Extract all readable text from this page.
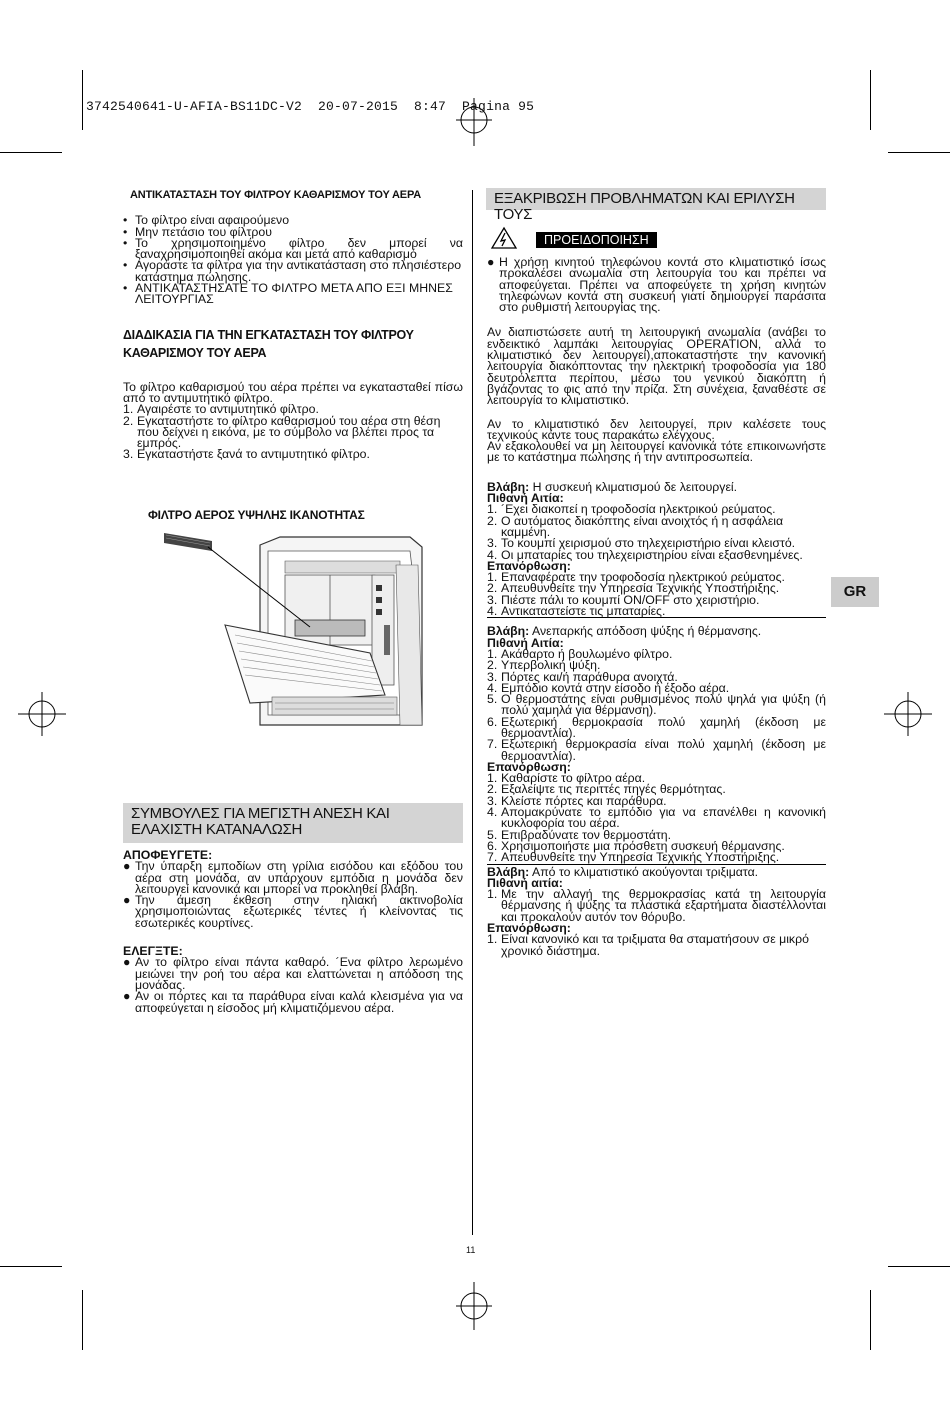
3742540641-U-AFIA-BS11DC-V2  20-07-2015  8:47  Pagina 95

ΑΝΤΙΚΑΤΑΣΤΑΣΗ ΤΟΥ ΦΙΛΤΡΟΥ ΚΑΘΑΡΙΣΜΟΥ ΤΟΥ ΑΕΡΑ

• Το φίλτρο είναι αφαιρούμενο
• Μην πετάσιο του φίλτρου
• Το χρησιμοποιημένο φίλτρο δεν μπορεί να ξαναχρησιμοποιηθεί ακόμα και μετά από καθαρισμό
• Αγοράστε τα φίλτρα για την αντικατάσταση στο πλησιέστερο κατάστημα πώλησης.
• ΑΝΤΙΚΑΤΑΣΤΗΣΑΤΕ ΤΟ ΦΙΛΤΡΟ ΜΕΤΑ ΑΠΟ ΕΞΙ ΜΗΝΕΣ ΛΕΙΤΟΥΡΓΙΑΣ

ΔΙΑΔΙΚΑΣΙΑ ΓΙΑ ΤΗΝ ΕΓΚΑΤΑΣΤΑΣΗ ΤΟΥ ΦΙΛΤΡΟΥ ΚΑΘΑΡΙΣΜΟΥ ΤΟΥ ΑΕΡΑ

Το φίλτρο καθαρισμού του αέρα πρέπει να εγκατασταθεί πίσω από το αντιμυτητικό φίλτρο.

1. Αγαιρέστε το αντιμυτητικό φίλτρο.
2. Εγκαταστήστε το φίλτρο καθαρισμού του αέρα στη θέση που δείχνει η εικόνα, με το σύμβολο να βλέπει προς τα εμπρός.
3. Εγκαταστήστε ξανά το αντιμυτητικό φίλτρο.

ΦΙΛΤΡΟ ΑΕΡΟΣ ΥΨΗΛΗΣ ΙΚΑΝΟΤΗΤΑΣ

ΣΥΜΒΟΥΛΕΣ ΓΙΑ ΜΕΓΙΣΤΗ ΑΝΕΣΗ ΚΑΙ ΕΛΑΧΙΣΤΗ ΚΑΤΑΝΑΛΩΣΗ

ΑΠΟΦΕΥΓΕΤΕ:

● Την ύπαρξη εμποδίων στη γρίλια εισόδου και εξόδου του αέρα στη μονάδα, αν υπάρχουν εμπόδια η μονάδα δεν λειτουργεί κανονικά και μπορεί να προκληθεί βλάβη.
● Την άμεση έκθεση στην ηλιακή ακτινοβολία χρησιμοποιώντας εξωτερικές τέντες ή κλείνοντας τις εσωτερικές κουρτίνες.

ΕΛΕΓΞΤΕ:

● Αν το φίλτρο είναι πάντα καθαρό. ´Ενα φίλτρο λερωμένο μειώνει την ροή του αέρα και ελαττώνεται η απόδοση της μονάδας.
● Αν οι πόρτες και τα παράθυρα είναι καλά κλεισμένα για να αποφεύγεται η είσοδος μή κλιματιζόμενου αέρα.
ΕΞΑΚΡΙΒΩΣΗ ΠΡΟΒΛΗΜΑΤΩΝ ΚΑΙ ΕΡΙΛΥΣΗ ΤΟΥΣ
ΠΡΟΕΙΔΟΠΟΙΗΣΗ
● Η χρήση κινητού τηλεφώνου κοντά στο κλιματιστικό ίσως προκαλέσει ανωμαλία στη λειτουργία του και πρέπει να αποφεύγεται. Πρέπει να αποφεύγετε τη χρήση κινητών τηλεφώνων κοντά στη συσκευή γιατί δημιουργεί παράσιτα στο ρυθμιστή λειτουργίας της.

Αν διαπιστώσετε αυτή τη λειτουργική ανωμαλία (ανάβει το ενδεικτικό λαμπάκι λειτουργίας OPERATION, αλλά το κλιματιστικό δεν λειτουργεί),αποκαταστήστε την κανονική λειτουργία διακόπτοντας την ηλεκτρική τροφοδοσία για 180 δευτρόλεπτα περίπου, μέσω του γενικού διακόπτη ή βγάζοντας το φις από την πρίζα. Στη συνέχεια, ξαναθέστε σε λειτουργία το κλιματιστικό.

Αν το κλιματιστικό δεν λειτουργεί, πριν καλέσετε τους τεχνικούς κάντε τους παρακάτω ελέγχους.

Αν εξακολουθεί να μη λειτουργεί κανονικά τότε επικοινωνήστε με το κατάστημα πώλησης ή την αντιπροσωπεία.

Βλάβη: Η συσκευή κλιματισμού δε λειτουργεί.

Πιθανή Αιτία:

1. ´Εχει διακοπεί η τροφοδοσία ηλεκτρικού ρεύματος.
2. Ο αυτόματος διακόπτης είναι ανοιχτός ή η ασφάλεια καμμένη.
3. Το κουμπί χειρισμού στο τηλεχειριστήριο είναι κλειστό.
4. Οι μπαταρίες του τηλεχειριστηρίου είναι εξασθενημένες.

Επανόρθωση:

1. Επαναφέρατε την τροφοδοσία ηλεκτρικού ρεύματος.
2. Απευθυνθείτε την Υπηρεσία Τεχνικής Υποστήριξης.
3. Πιέστε πάλι το κουμπί ON/OFF στο χειριστήριο.
4. Αντικαταστείστε τις μπαταρίες.

Βλάβη: Ανεπαρκής απόδοση ψύξης ή θέρμανσης.

Πιθανή Αιτία:

1. Ακάθαρτο ή βουλωμένο φίλτρο.
2. Υπερβολική ψύξη.
3. Πόρτες και/ή παράθυρα ανοιχτά.
4. Εμπόδιο κοντά στην είσοδο ή έξοδο αέρα.
5. Ο θερμοστάτης είναι ρυθμισμένος πολύ ψηλά για ψύξη (ή πολύ χαμηλά για θέρμανση).
6. Εξωτερική θερμοκρασία πολύ χαμηλή (έκδοση με θερμοαντλία).
7. Εξωτερική θερμοκρασία είναι πολύ χαμηλή (έκδοση με θερμοαντλία).

Επανόρθωση:

1. Καθαρίστε το φίλτρο αέρα.
2. Εξαλείψτε τις περιττές πηγές θερμότητας.
3. Κλείστε πόρτες και παράθυρα.
4. Απομακρύνατε το εμπόδιο για να επανέλθει η κανονική κυκλοφορία του αέρα.
5. Επιβραδύνατε τον θερμοστάτη.
6. Χρησιμοποιήστε μια πρόσθετη συσκευή θέρμανσης.
7. Απευθυνθείτε την Υπηρεσία Τεχνικής Υποστήριξης.

Βλάβη: Από το κλιματιστικό ακούγονται τριξιματα.

Πιθανή αιτία:

1. Με την αλλαγή της θερμοκρασίας κατά τη λειτουργία θέρμανσης ή ψύξης τα πλαστικά εξαρτήματα διαστέλλονται και προκαλούν αυτόν τον θόρυβο.

Επανόρθωση:

1. Είναι κανονικό και τα τριξιματα θα σταματήσουν σε μικρό χρονικό διάστημα.
GR
11
